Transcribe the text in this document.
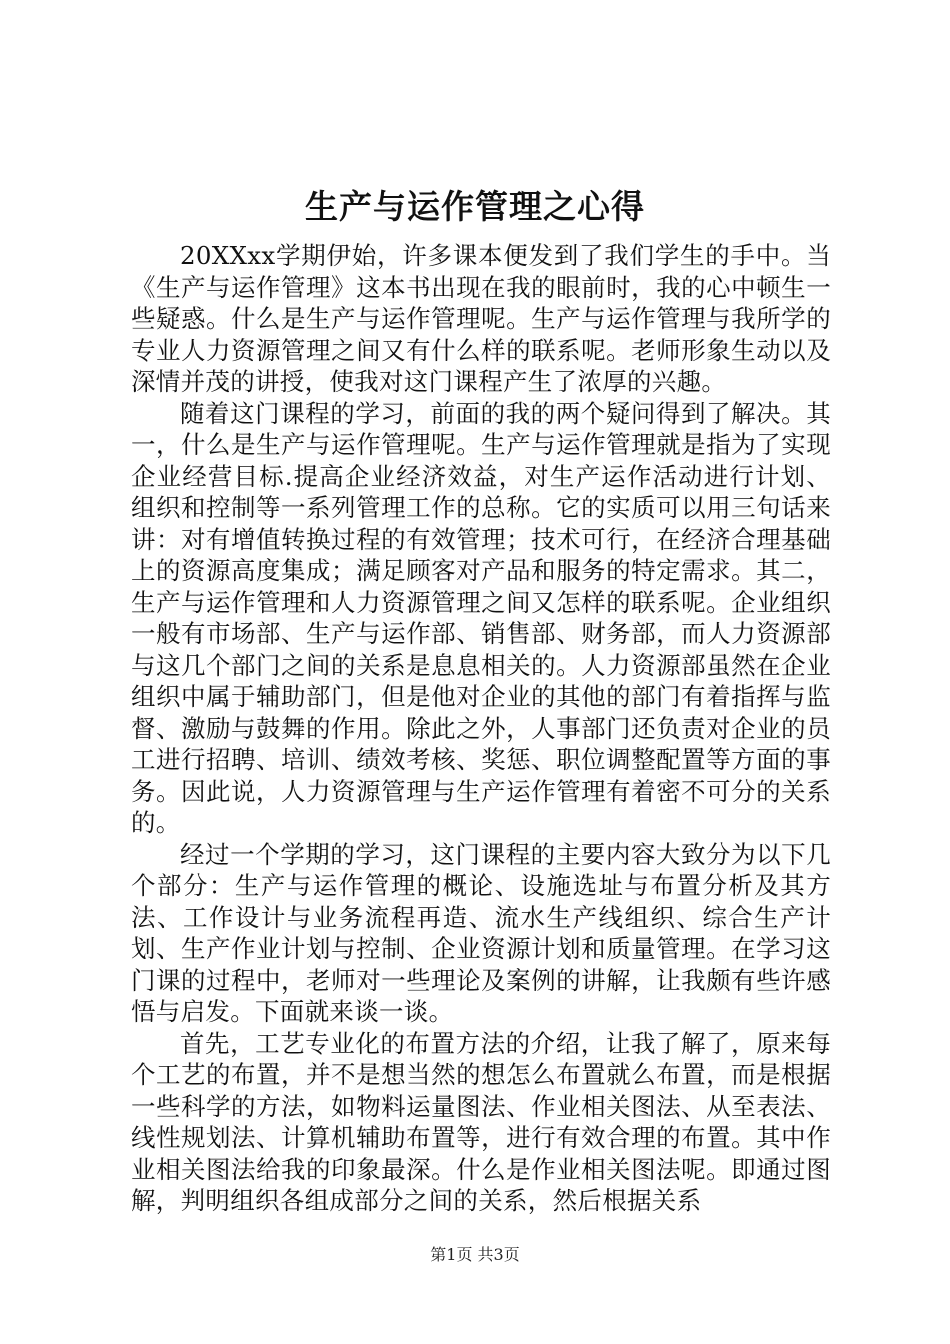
生产与运作管理之心得

20XXxx学期伊始，许多课本便发到了我们学生的手中。当《生产与运作管理》这本书出现在我的眼前时，我的心中顿生一些疑惑。什么是生产与运作管理呢。生产与运作管理与我所学的专业人力资源管理之间又有什么样的联系呢。老师形象生动以及深情并茂的讲授，使我对这门课程产生了浓厚的兴趣。

随着这门课程的学习，前面的我的两个疑问得到了解决。其一，什么是生产与运作管理呢。生产与运作管理就是指为了实现企业经营目标.提高企业经济效益，对生产运作活动进行计划、组织和控制等一系列管理工作的总称。它的实质可以用三句话来讲：对有增值转换过程的有效管理；技术可行，在经济合理基础上的资源高度集成；满足顾客对产品和服务的特定需求。其二，生产与运作管理和人力资源管理之间又怎样的联系呢。企业组织一般有市场部、生产与运作部、销售部、财务部，而人力资源部与这几个部门之间的关系是息息相关的。人力资源部虽然在企业组织中属于辅助部门，但是他对企业的其他的部门有着指挥与监督、激励与鼓舞的作用。除此之外，人事部门还负责对企业的员工进行招聘、培训、绩效考核、奖惩、职位调整配置等方面的事务。因此说，人力资源管理与生产运作管理有着密不可分的关系的。

经过一个学期的学习，这门课程的主要内容大致分为以下几个部分：生产与运作管理的概论、设施选址与布置分析及其方法、工作设计与业务流程再造、流水生产线组织、综合生产计划、生产作业计划与控制、企业资源计划和质量管理。在学习这门课的过程中，老师对一些理论及案例的讲解，让我颇有些许感悟与启发。下面就来谈一谈。

首先，工艺专业化的布置方法的介绍，让我了解了，原来每个工艺的布置，并不是想当然的想怎么布置就么布置，而是根据一些科学的方法，如物料运量图法、作业相关图法、从至表法、线性规划法、计算机辅助布置等，进行有效合理的布置。其中作业相关图法给我的印象最深。什么是作业相关图法呢。即通过图解，判明组织各组成部分之间的关系，然后根据关系

第1页 共3页
